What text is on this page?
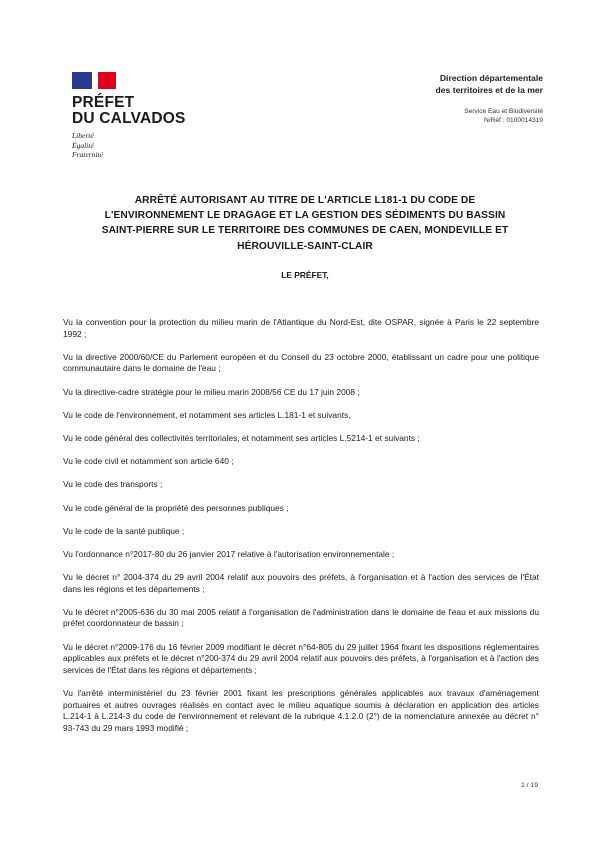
PRÉFET
DU CALVADOS
Liberté
Égalité
Fraternité
Direction départementale
des territoires et de la mer
Service Eau et Biodiversité
N/Réf : 0100014319
ARRÊTÉ AUTORISANT AU TITRE DE L'ARTICLE L181-1 DU CODE DE
L'ENVIRONNEMENT LE DRAGAGE ET LA GESTION DES SÉDIMENTS DU BASSIN
SAINT-PIERRE SUR LE TERRITOIRE DES COMMUNES DE CAEN, MONDEVILLE ET
HÉROUVILLE-SAINT-CLAIR
LE PRÉFET,

Vu la convention pour la protection du milieu marin de l'Atlantique du Nord-Est, dite OSPAR, signée à Paris le 22 septembre 1992 ;

Vu la directive 2000/60/CE du Parlement européen et du Conseil du 23 octobre 2000, établissant un cadre pour une politique communautaire dans le domaine de l'eau ;

Vu la directive-cadre stratégie pour le milieu marin 2008/56 CE du 17 juin 2008 ;

Vu le code de l'environnement, et notamment ses articles L.181-1 et suivants,

Vu le code général des collectivités territoriales, et notamment ses articles L.5214-1 et suivants ;

Vu le code civil et notamment son article 640 ;

Vu le code des transports ;

Vu le code général de la propriété des personnes publiques ;

Vu le code de la santé publique ;

Vu l'ordonnance n°2017-80 du 26 janvier 2017 relative à l'autorisation environnementale ;

Vu le décret n° 2004-374 du 29 avril 2004 relatif aux pouvoirs des préfets, à l'organisation et à l'action des services de l'État dans les régions et les départements ;

Vu le décret n°2005-636 du 30 mai 2005 relatif à l'organisation de l'administration dans le domaine de l'eau et aux missions du préfet coordonnateur de bassin ;

Vu le décret n°2009-176 du 16 février 2009 modifiant le décret n°64-805 du 29 juillet 1964 fixant les dispositions réglementaires applicables aux préfets et le décret n°200-374 du 29 avril 2004 relatif aux pouvoirs des préfets, à l'organisation et à l'action des services de l'État dans les régions et départements ;

Vu l'arrêté interministériel du 23 février 2001 fixant les prescriptions générales applicables aux travaux d'aménagement portuaires et autres ouvrages réalisés en contact avec le milieu aquatique soumis à déclaration en application des articles L.214-1 à L.214-3 du code de l'environnement et relevant de la rubrique 4.1.2.0 (2°) de la nomenclature annexée au décret n° 93-743 du 29 mars 1993 modifié ;

1 / 19
